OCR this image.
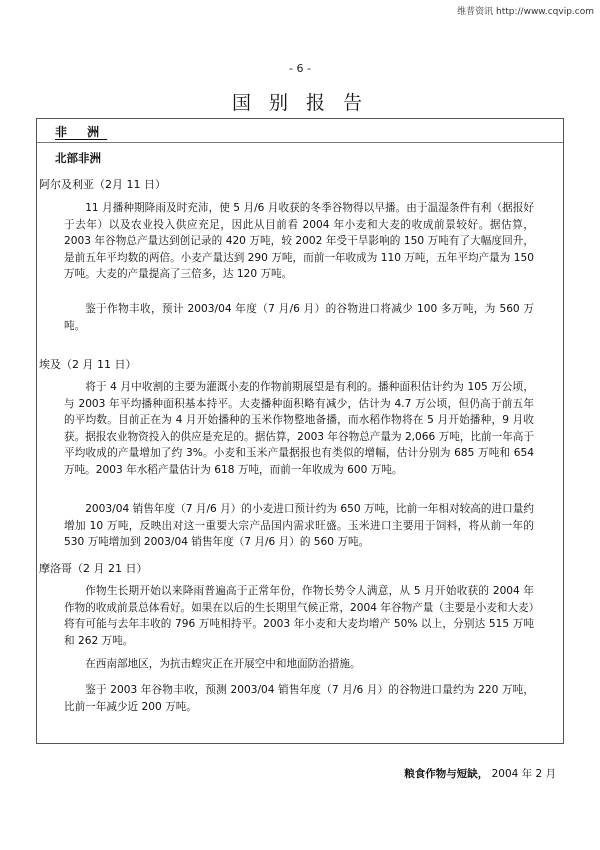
维普资讯 http://www.cqvip.com
- 6 -
国 别 报 告
非 洲
北部非洲
阿尔及利亚（2月 11 日）
11 月播种期降雨及时充沛，使 5 月/6 月收获的冬季谷物得以早播。由于温湿条件有利（据报好于去年）以及农业投入供应充足，因此从目前看 2004 年小麦和大麦的收成前景较好。据估算，2003 年谷物总产量达到创记录的 420 万吨，较 2002 年受干旱影响的 150 万吨有了大幅度回升，是前五年平均数的两倍。小麦产量达到 290 万吨，而前一年收成为 110 万吨，五年平均产量为 150 万吨。大麦的产量提高了三倍多，达 120 万吨。
鉴于作物丰收，预计 2003/04 年度（7 月/6 月）的谷物进口将减少 100 多万吨，为 560 万吨。
埃及（2 月 11 日）
将于 4 月中收割的主要为灌溉小麦的作物前期展望是有利的。播种面积估计约为 105 万公顷，与 2003 年平均播种面积基本持平。大麦播种面积略有减少，估计为 4.7 万公顷，但仍高于前五年的平均数。目前正在为 4 月开始播种的玉米作物整地备播，而水稻作物将在 5 月开始播种，9 月收获。据报农业物资投入的供应是充足的。据估算，2003 年谷物总产量为 2,066 万吨，比前一年高于平均收成的产量增加了约 3%。小麦和玉米产量据报也有类似的增幅，估计分别为 685 万吨和 654 万吨。2003 年水稻产量估计为 618 万吨，而前一年收成为 600 万吨。
2003/04 销售年度（7 月/6 月）的小麦进口预计约为 650 万吨，比前一年相对较高的进口量约增加 10 万吨，反映出对这一重要大宗产品国内需求旺盛。玉米进口主要用于饲料，将从前一年的 530 万吨增加到 2003/04 销售年度（7 月/6 月）的 560 万吨。
摩洛哥（2 月 21 日）
作物生长期开始以来降雨普遍高于正常年份，作物长势令人满意，从 5 月开始收获的 2004 年作物的收成前景总体看好。如果在以后的生长期里气候正常，2004 年谷物产量（主要是小麦和大麦）将有可能与去年丰收的 796 万吨相持平。2003 年小麦和大麦均增产 50% 以上，分别达 515 万吨和 262 万吨。
在西南部地区，为抗击蝗灾正在开展空中和地面防治措施。
鉴于 2003 年谷物丰收，预测 2003/04 销售年度（7 月/6 月）的谷物进口量约为 220 万吨，比前一年减少近 200 万吨。
粮食作物与短缺， 2004 年 2 月
